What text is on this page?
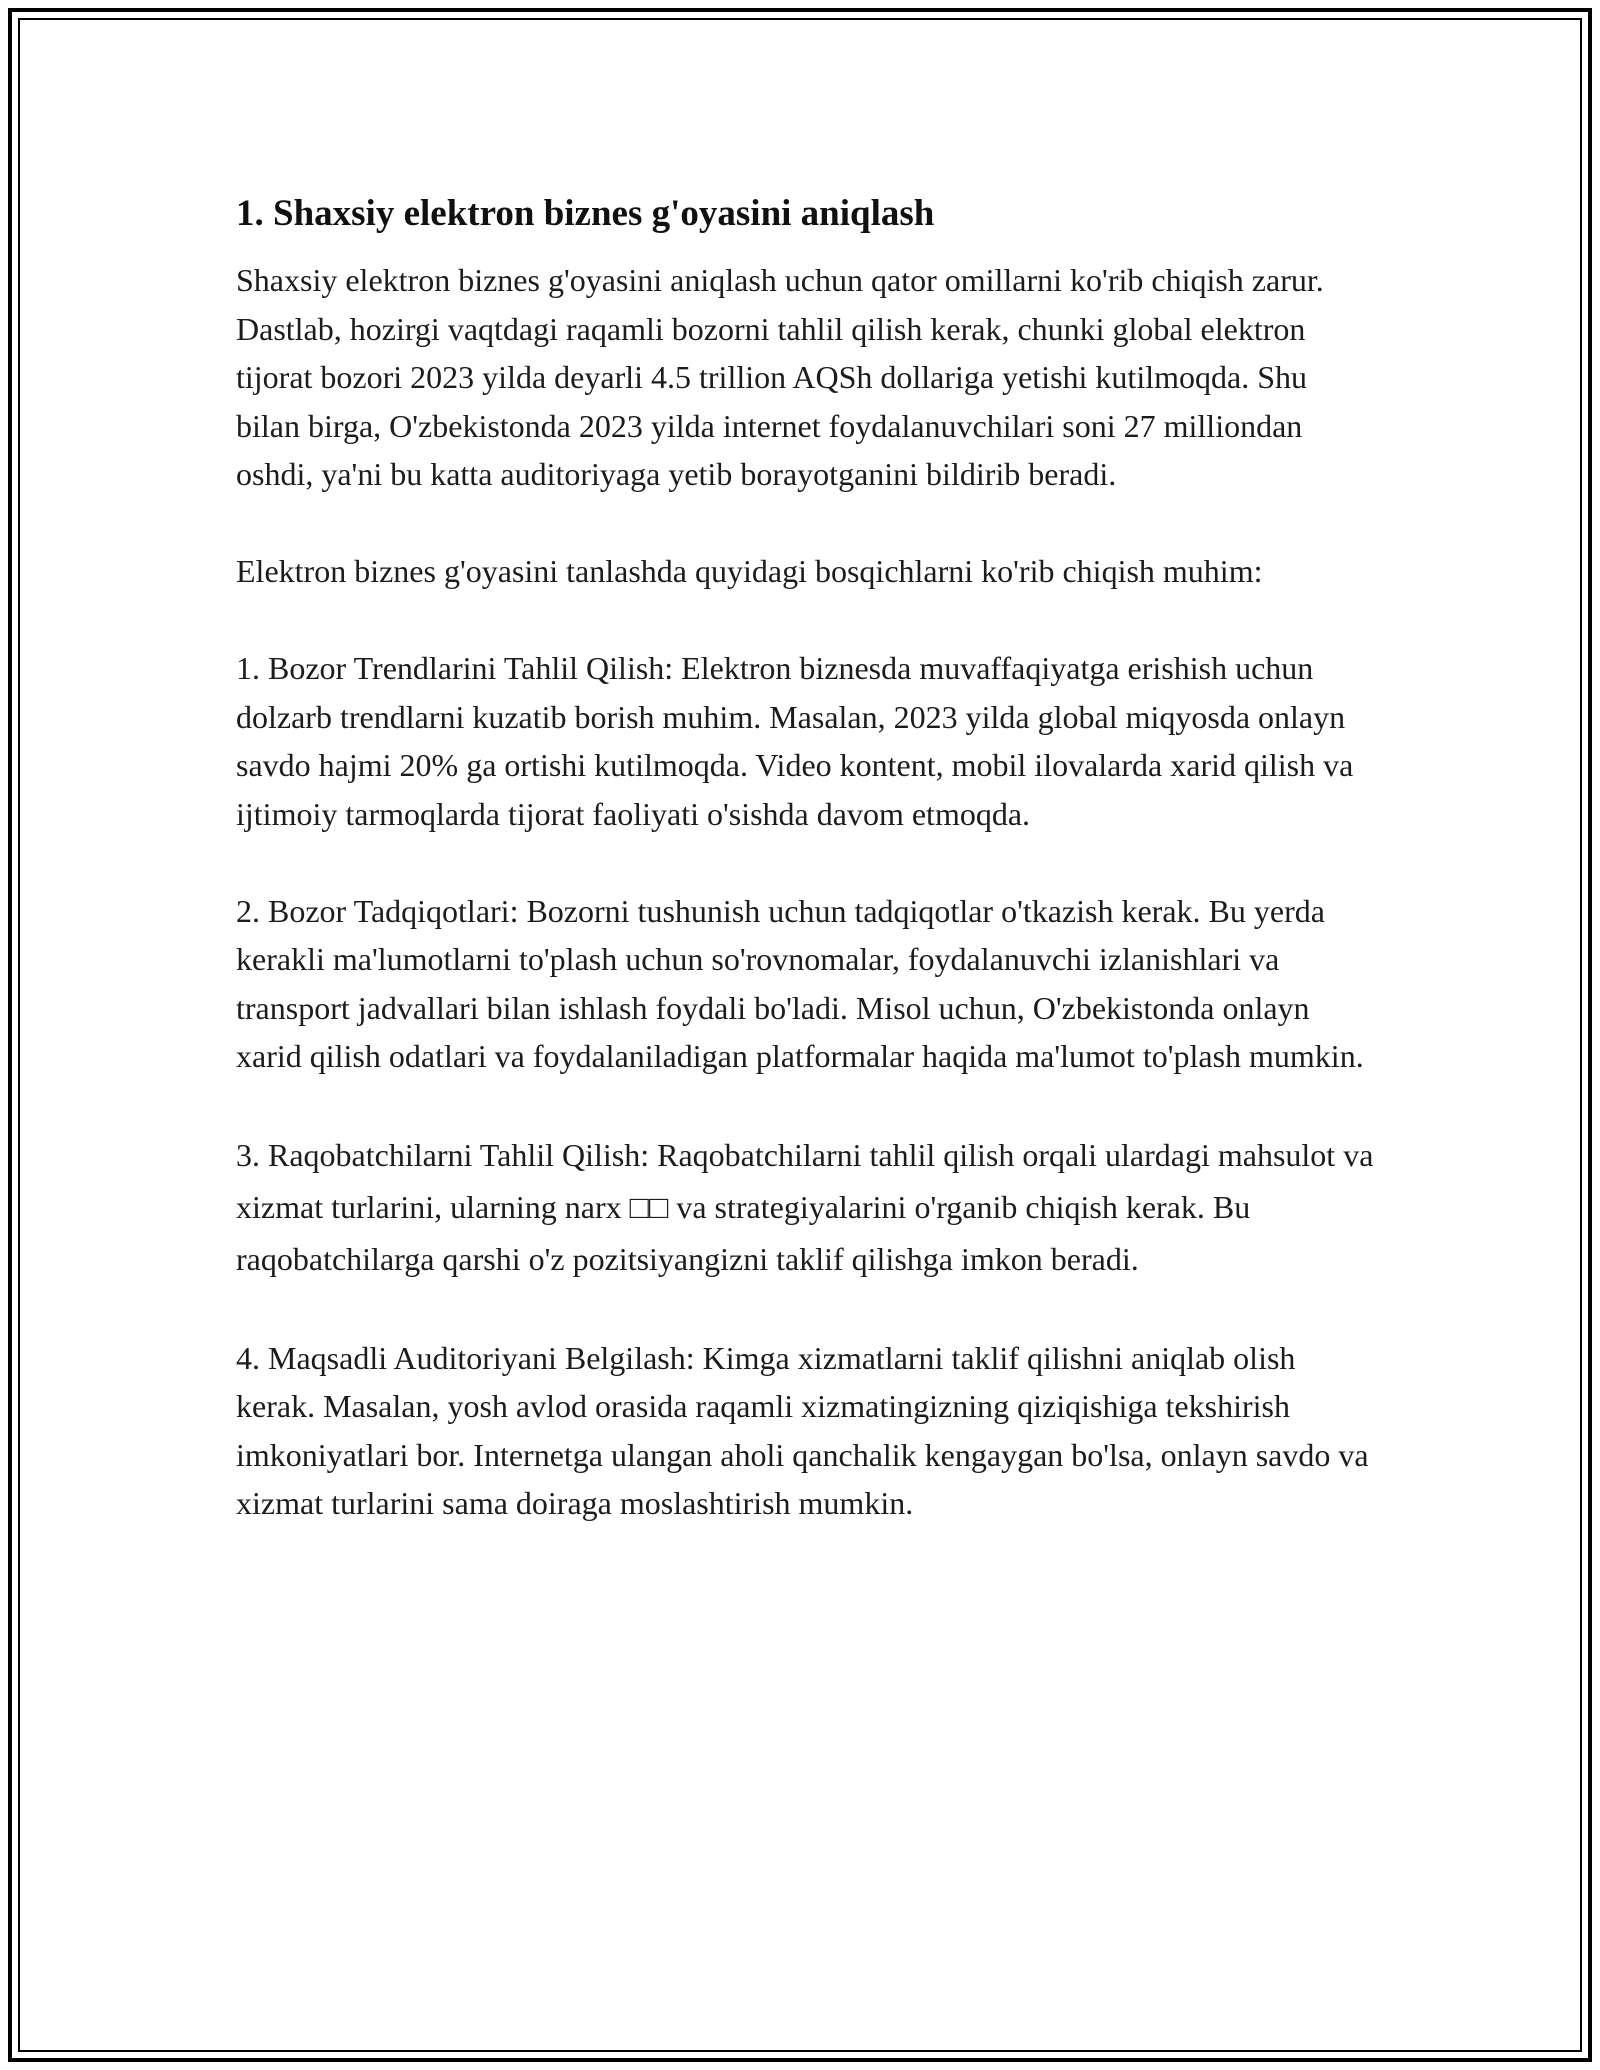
1. Shaxsiy elektron biznes g'oyasini aniqlash

Shaxsiy elektron biznes g'oyasini aniqlash uchun qator omillarni ko'rib chiqish zarur. Dastlab, hozirgi vaqtdagi raqamli bozorni tahlil qilish kerak, chunki global elektron tijorat bozori 2023 yilda deyarli 4.5 trillion AQSh dollariga yetishi kutilmoqda. Shu bilan birga, O'zbekistonda 2023 yilda internet foydalanuvchilari soni 27 milliondan oshdi, ya'ni bu katta auditoriyaga yetib borayotganini bildirib beradi.

Elektron biznes g'oyasini tanlashda quyidagi bosqichlarni ko'rib chiqish muhim:

1. Bozor Trendlarini Tahlil Qilish: Elektron biznesda muvaffaqiyatga erishish uchun dolzarb trendlarni kuzatib borish muhim. Masalan, 2023 yilda global miqyosda onlayn savdo hajmi 20% ga ortishi kutilmoqda. Video kontent, mobil ilovalarda xarid qilish va ijtimoiy tarmoqlarda tijorat faoliyati o'sishda davom etmoqda.

2. Bozor Tadqiqotlari: Bozorni tushunish uchun tadqiqotlar o'tkazish kerak. Bu yerda kerakli ma'lumotlarni to'plash uchun so'rovnomalar, foydalanuvchi izlanishlari va transport jadvallari bilan ishlash foydali bo'ladi. Misol uchun, O'zbekistonda onlayn xarid qilish odatlari va foydalaniladigan platformalar haqida ma'lumot to'plash mumkin.

3. Raqobatchilarni Tahlil Qilish: Raqobatchilarni tahlil qilish orqali ulardagi mahsulot va xizmat turlarini, ularning narx □□ va strategiyalarini o'rganib chiqish kerak. Bu raqobatchilarga qarshi o'z pozitsiyangizni taklif qilishga imkon beradi.

4. Maqsadli Auditoriyani Belgilash: Kimga xizmatlarni taklif qilishni aniqlab olish kerak. Masalan, yosh avlod orasida raqamli xizmatingizning qiziqishiga tekshirish imkoniyatlari bor. Internetga ulangan aholi qanchalik kengaygan bo'lsa, onlayn savdo va xizmat turlarini sama doiraga moslashtirish mumkin.
